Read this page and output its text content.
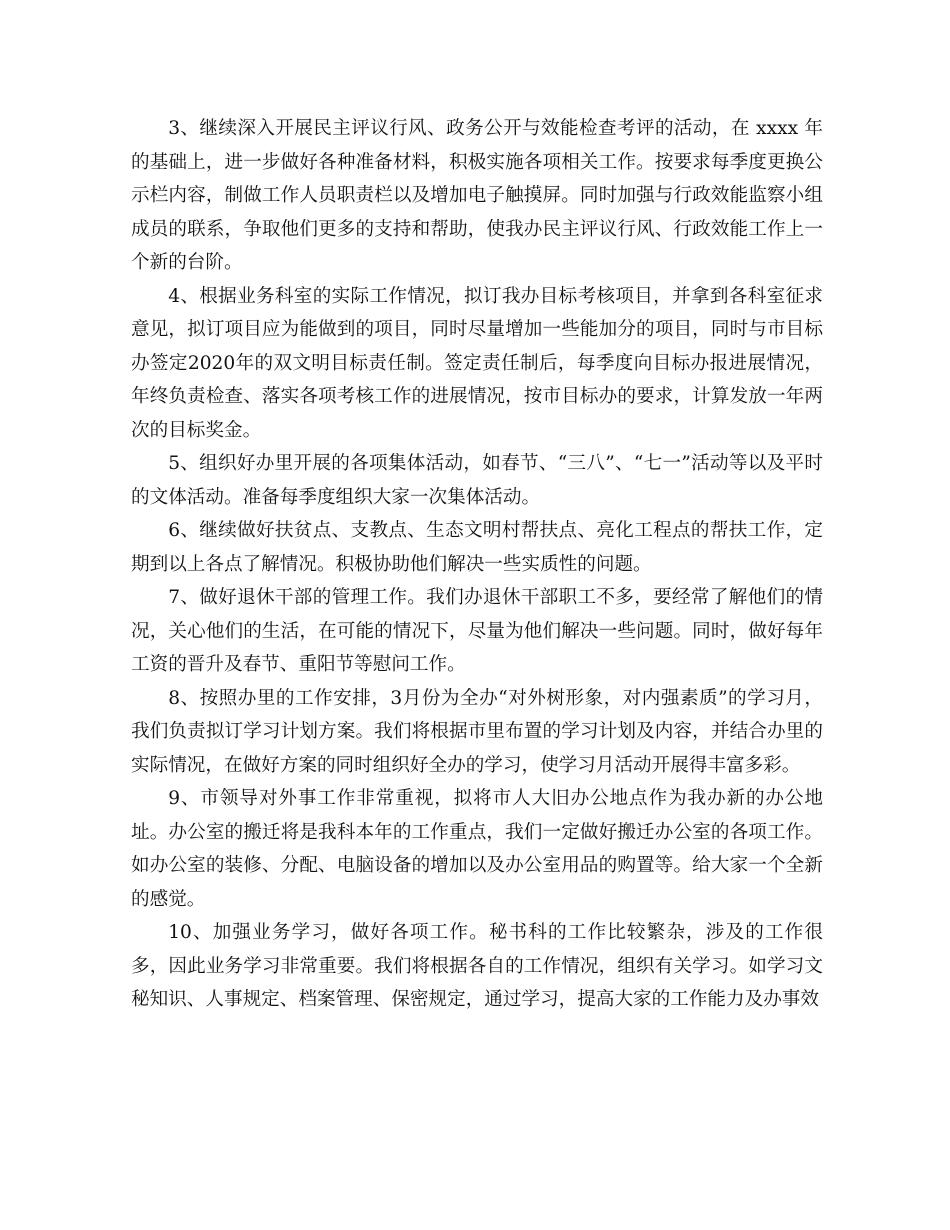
3、继续深入开展民主评议行风、政务公开与效能检查考评的活动，在 xxxx 年的基础上，进一步做好各种准备材料，积极实施各项相关工作。按要求每季度更换公示栏内容，制做工作人员职责栏以及增加电子触摸屏。同时加强与行政效能监察小组成员的联系，争取他们更多的支持和帮助，使我办民主评议行风、行政效能工作上一个新的台阶。

4、根据业务科室的实际工作情况，拟订我办目标考核项目，并拿到各科室征求意见，拟订项目应为能做到的项目，同时尽量增加一些能加分的项目，同时与市目标办签定2020年的双文明目标责任制。签定责任制后，每季度向目标办报进展情况，年终负责检查、落实各项考核工作的进展情况，按市目标办的要求，计算发放一年两次的目标奖金。

5、组织好办里开展的各项集体活动，如春节、“三八”、“七一”活动等以及平时的文体活动。准备每季度组织大家一次集体活动。

6、继续做好扶贫点、支教点、生态文明村帮扶点、亮化工程点的帮扶工作，定期到以上各点了解情况。积极协助他们解决一些实质性的问题。

7、做好退休干部的管理工作。我们办退休干部职工不多，要经常了解他们的情况，关心他们的生活，在可能的情况下，尽量为他们解决一些问题。同时，做好每年工资的晋升及春节、重阳节等慰问工作。

8、按照办里的工作安排，3月份为全办“对外树形象，对内强素质”的学习月，我们负责拟订学习计划方案。我们将根据市里布置的学习计划及内容，并结合办里的实际情况，在做好方案的同时组织好全办的学习，使学习月活动开展得丰富多彩。

9、市领导对外事工作非常重视，拟将市人大旧办公地点作为我办新的办公地址。办公室的搬迁将是我科本年的工作重点，我们一定做好搬迁办公室的各项工作。如办公室的装修、分配、电脑设备的增加以及办公室用品的购置等。给大家一个全新的感觉。

10、加强业务学习，做好各项工作。秘书科的工作比较繁杂，涉及的工作很多，因此业务学习非常重要。我们将根据各自的工作情况，组织有关学习。如学习文秘知识、人事规定、档案管理、保密规定，通过学习，提高大家的工作能力及办事效
